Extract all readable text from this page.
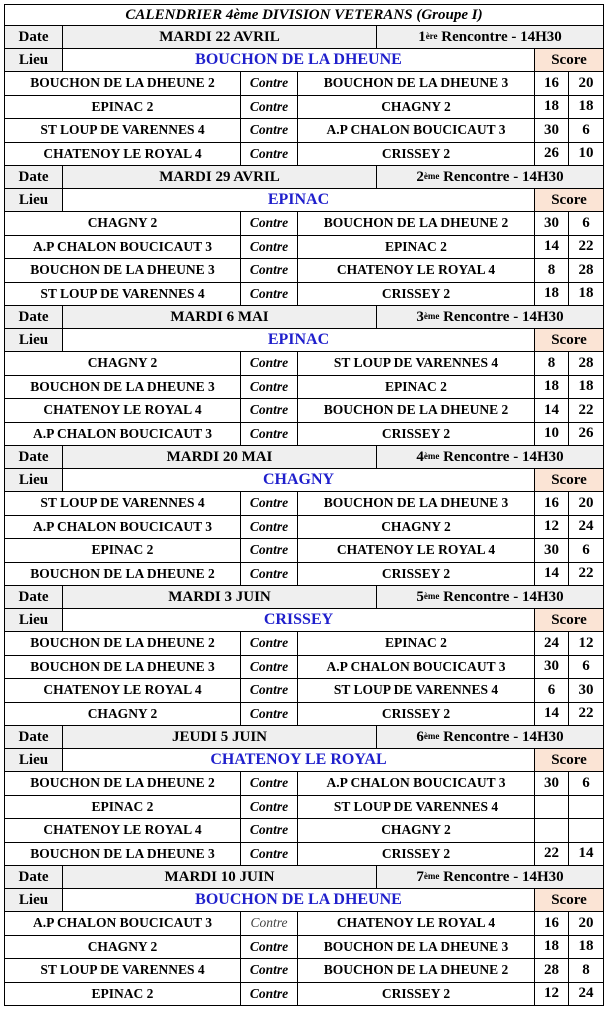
CALENDRIER 4ème DIVISION VETERANS (Groupe I)
Date	MARDI 22 AVRIL	1ère Rencontre - 14H30
Lieu	BOUCHON DE LA DHEUNE	Score
BOUCHON DE LA DHEUNE 2	Contre	BOUCHON DE LA DHEUNE 3	16	20
EPINAC 2	Contre	CHAGNY 2	18	18
ST LOUP DE VARENNES 4	Contre	A.P CHALON BOUCICAUT 3	30	6
CHATENOY LE ROYAL 4	Contre	CRISSEY 2	26	10
Date	MARDI 29 AVRIL	2ème Rencontre - 14H30
Lieu	EPINAC	Score
CHAGNY 2	Contre	BOUCHON DE LA DHEUNE 2	30	6
A.P CHALON BOUCICAUT 3	Contre	EPINAC 2	14	22
BOUCHON DE LA DHEUNE 3	Contre	CHATENOY LE ROYAL 4	8	28
ST LOUP DE VARENNES 4	Contre	CRISSEY 2	18	18
Date	MARDI 6 MAI	3ème Rencontre - 14H30
Lieu	EPINAC	Score
CHAGNY 2	Contre	ST LOUP DE VARENNES 4	8	28
BOUCHON DE LA DHEUNE 3	Contre	EPINAC 2	18	18
CHATENOY LE ROYAL 4	Contre	BOUCHON DE LA DHEUNE 2	14	22
A.P CHALON BOUCICAUT 3	Contre	CRISSEY 2	10	26
Date	MARDI 20 MAI	4ème Rencontre - 14H30
Lieu	CHAGNY	Score
ST LOUP DE VARENNES 4	Contre	BOUCHON DE LA DHEUNE 3	16	20
A.P CHALON BOUCICAUT 3	Contre	CHAGNY 2	12	24
EPINAC 2	Contre	CHATENOY LE ROYAL 4	30	6
BOUCHON DE LA DHEUNE 2	Contre	CRISSEY 2	14	22
Date	MARDI 3 JUIN	5ème Rencontre - 14H30
Lieu	CRISSEY	Score
BOUCHON DE LA DHEUNE 2	Contre	EPINAC 2	24	12
BOUCHON DE LA DHEUNE 3	Contre	A.P CHALON BOUCICAUT 3	30	6
CHATENOY LE ROYAL 4	Contre	ST LOUP DE VARENNES 4	6	30
CHAGNY 2	Contre	CRISSEY 2	14	22
Date	JEUDI 5 JUIN	6ème Rencontre - 14H30
Lieu	CHATENOY LE ROYAL	Score
BOUCHON DE LA DHEUNE 2	Contre	A.P CHALON BOUCICAUT 3	30	6
EPINAC 2	Contre	ST LOUP DE VARENNES 4
CHATENOY LE ROYAL 4	Contre	CHAGNY 2
BOUCHON DE LA DHEUNE 3	Contre	CRISSEY 2	22	14
Date	MARDI 10 JUIN	7ème Rencontre - 14H30
Lieu	BOUCHON DE LA DHEUNE	Score
A.P CHALON BOUCICAUT 3	Contre	CHATENOY LE ROYAL 4	16	20
CHAGNY 2	Contre	BOUCHON DE LA DHEUNE 3	18	18
ST LOUP DE VARENNES 4	Contre	BOUCHON DE LA DHEUNE 2	28	8
EPINAC 2	Contre	CRISSEY 2	12	24
